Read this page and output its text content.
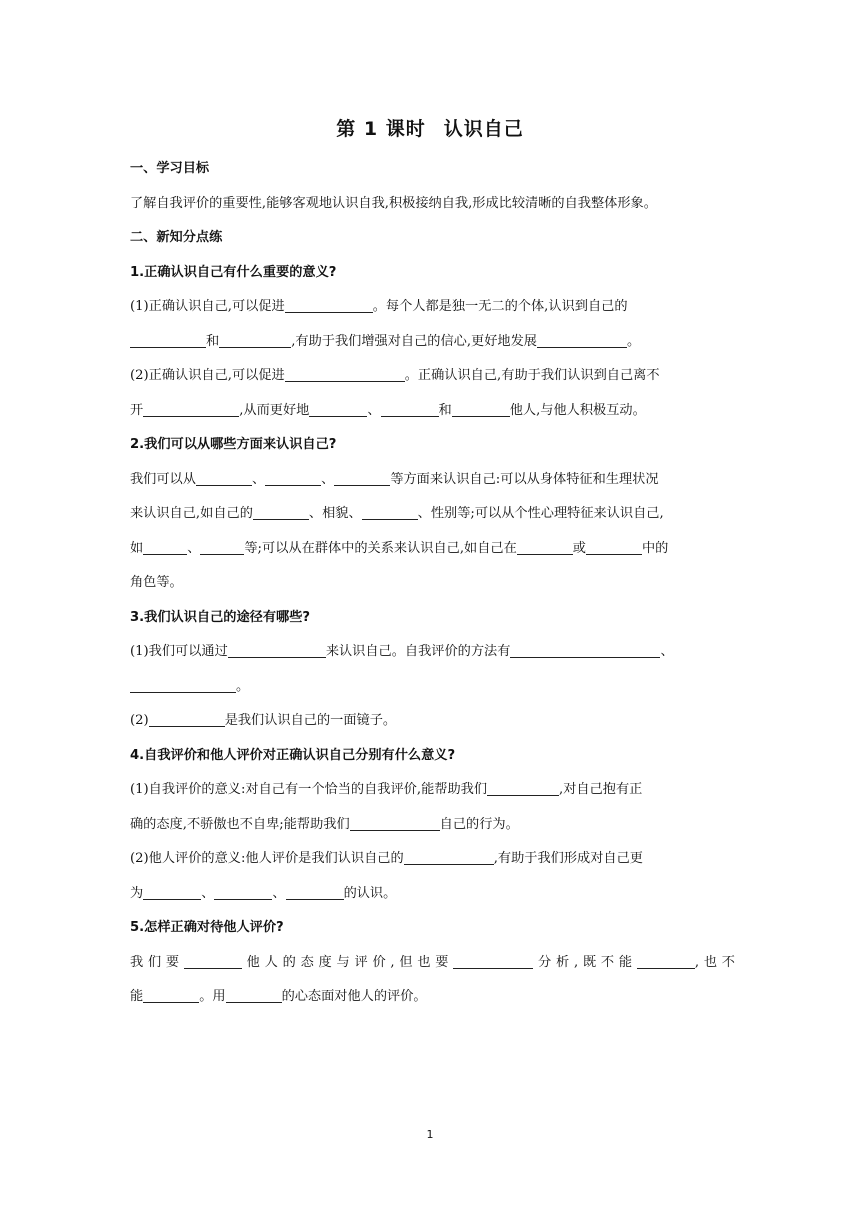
第 1 课时 认识自己
一、学习目标
了解自我评价的重要性,能够客观地认识自我,积极接纳自我,形成比较清晰的自我整体形象。
二、新知分点练
1.正确认识自己有什么重要的意义?
(1)正确认识自己,可以促进	。每个人都是独一无二的个体,认识到自己的
和	,有助于我们增强对自己的信心,更好地发展	。
(2)正确认识自己,可以促进	。正确认识自己,有助于我们认识到自己离不
开	,从而更好地	、	和	他人,与他人积极互动。
2.我们可以从哪些方面来认识自己?
我们可以从	、	、	等方面来认识自己:可以从身体特征和生理状况
来认识自己,如自己的	、相貌、	、性别等;可以从个性心理特征来认识自己,
如	、	等;可以从在群体中的关系来认识自己,如自己在	或	中的
角色等。
3.我们认识自己的途径有哪些?
(1)我们可以通过	来认识自己。自我评价的方法有	、
。
(2)	是我们认识自己的一面镜子。
4.自我评价和他人评价对正确认识自己分别有什么意义?
(1)自我评价的意义:对自己有一个恰当的自我评价,能帮助我们	,对自己抱有正
确的态度,不骄傲也不自卑;能帮助我们	自己的行为。
(2)他人评价的意义:他人评价是我们认识自己的	,有助于我们形成对自己更
为	、	、	的认识。
5.怎样正确对待他人评价?
我们要	他人的态度与评价,但也要	分析,既不能	,也不
能	。用	的心态面对他人的评价。
1
